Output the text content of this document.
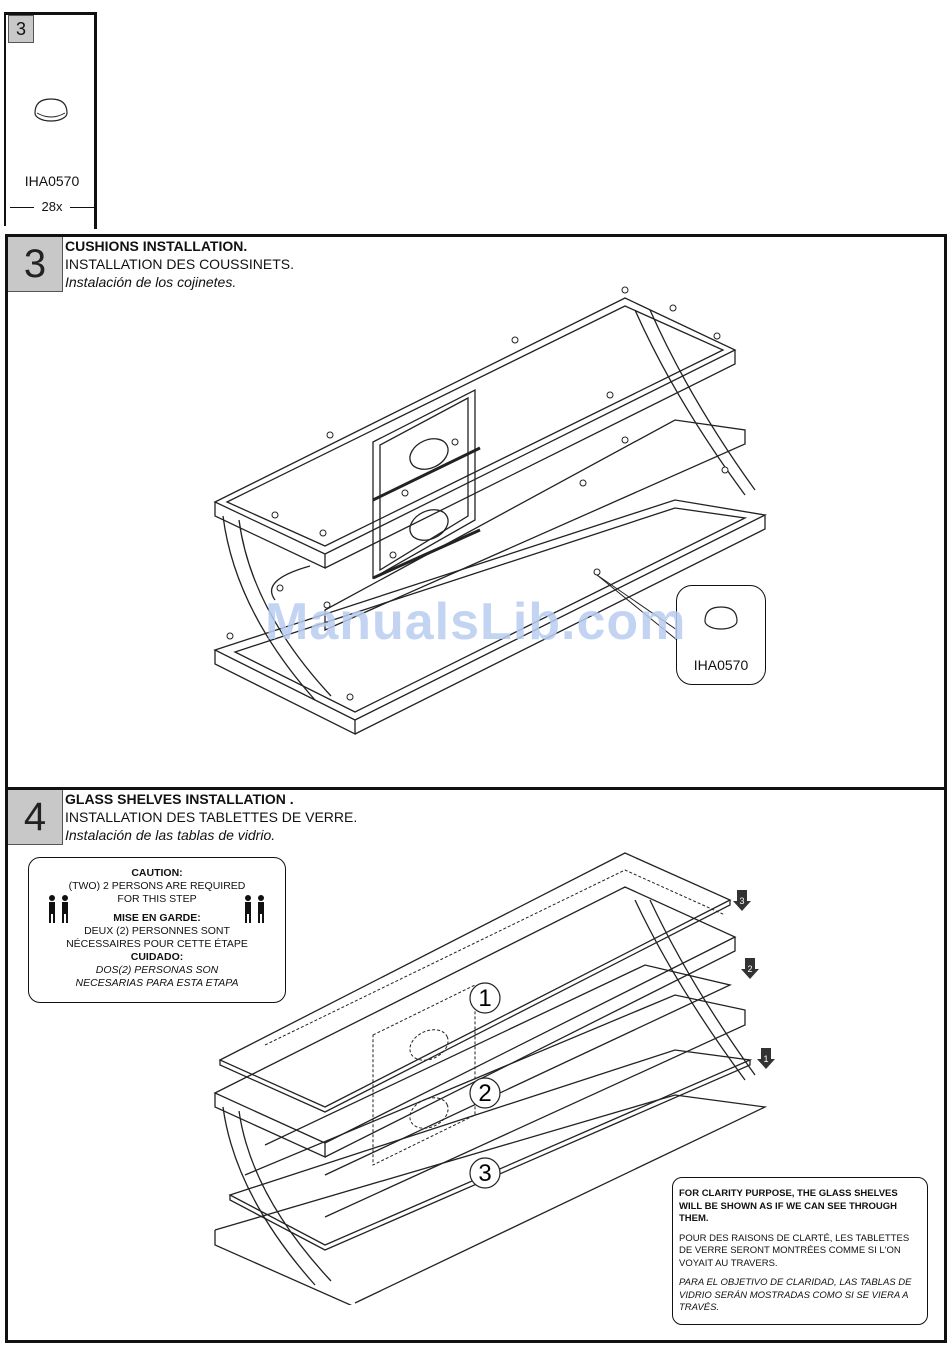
3
IHA0570
28x
3	CUSHIONS INSTALLATION.
INSTALLATION DES COUSSINETS.
Instalación de los cojinetes.
IHA0570
ManualsLib.com
4	GLASS SHELVES INSTALLATION .
INSTALLATION DES TABLETTES DE VERRE.
Instalación de las tablas de vidrio.
CAUTION:
(TWO) 2 PERSONS ARE REQUIRED
FOR THIS STEP
MISE EN GARDE:
DEUX (2) PERSONNES SONT
NÉCESSAIRES POUR CETTE ÉTAPE
CUIDADO:
DOS(2) PERSONAS SON
NECESARIAS PARA ESTA ETAPA
1
2
3
3
2
1

FOR CLARITY PURPOSE, THE GLASS SHELVES WILL BE SHOWN AS IF WE CAN SEE THROUGH THEM.

POUR DES RAISONS DE CLARTÉ, LES TABLETTES DE VERRE SERONT MONTRÉES COMME SI L'ON VOYAIT AU TRAVERS.

PARA EL OBJETIVO DE CLARIDAD, LAS TABLAS DE VIDRIO SERÁN MOSTRADAS COMO SI SE VIERA A TRAVÉS.
